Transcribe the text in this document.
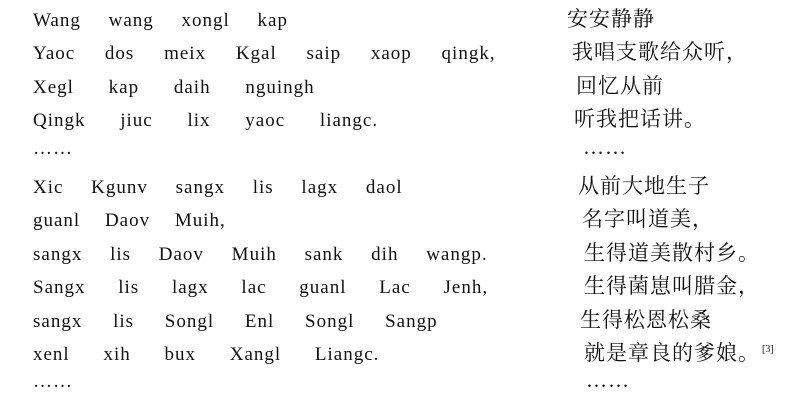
Wang wang xongl kap	安安静静
Yaoc dos meix Kgal saip xaop qingk,	我唱支歌给众听，
Xegl kap daih nguingh	回忆从前
Qingk jiuc lix yaoc liangc.	听我把话讲。
……	……
Xic Kgunv sangx lis lagx daol	从前大地生子
guanl Daov Muih,	名字叫道美，
sangx lis Daov Muih sank dih wangp.	生得道美散村乡。
Sangx lis lagx lac guanl Lac Jenh,	生得菌崽叫腊金，
sangx lis Songl Enl Songl Sangp	生得松恩松桑
xenl xih bux Xangl Liangc.	就是章良的爹娘。 [3]
……	……
